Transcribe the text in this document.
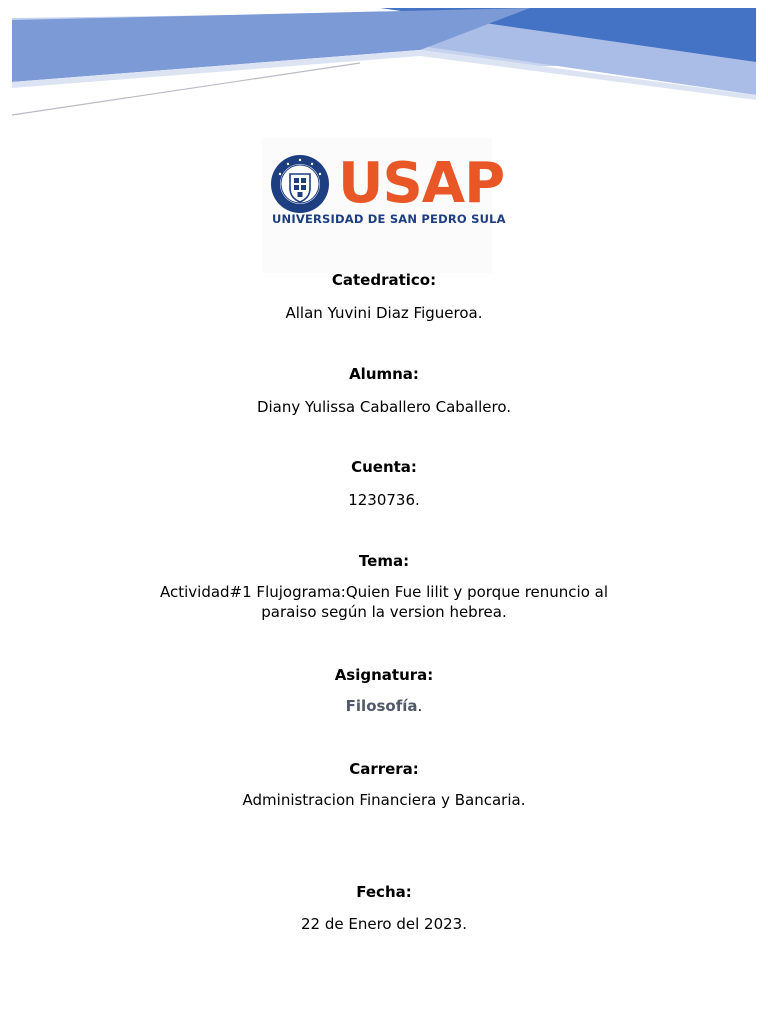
USAP
UNIVERSIDAD DE SAN PEDRO SULA
Catedratico:
Allan Yuvini Diaz Figueroa.
Alumna:
Diany Yulissa Caballero Caballero.
Cuenta:
1230736.
Tema:
Actividad#1 Flujograma:Quien Fue lilit y porque renuncio al
paraiso según la version hebrea.
Asignatura:
Filosofía.
Carrera:
Administracion Financiera y Bancaria.
Fecha:
22 de Enero del 2023.
